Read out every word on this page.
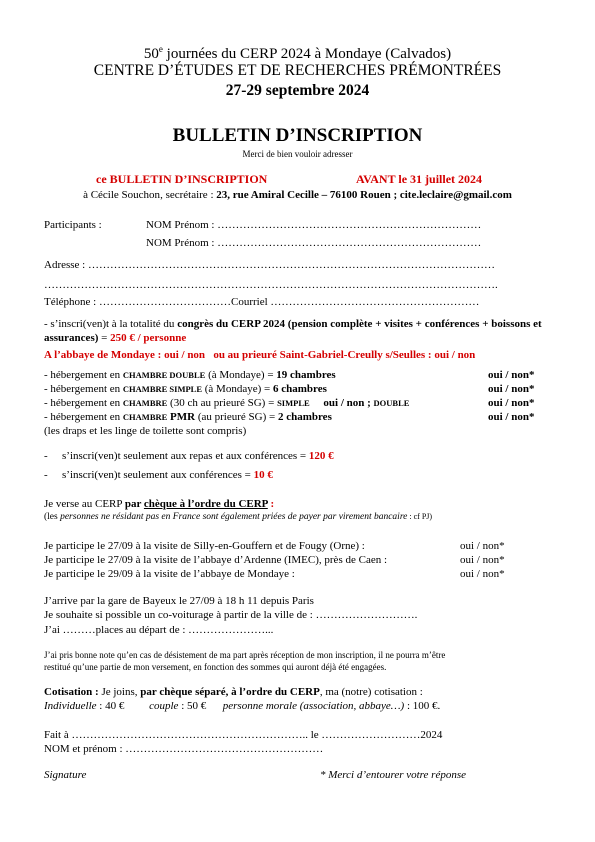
50e journées du CERP 2024 à Mondaye (Calvados)
CENTRE D’ÉTUDES ET DE RECHERCHES PRÉMONTRÉES
27-29 septembre 2024
BULLETIN D’INSCRIPTION
Merci de bien vouloir adresser
ce BULLETIN D’INSCRIPTION	AVANT le 31 juillet 2024
à Cécile Souchon, secrétaire : 23, rue Amiral Cecille – 76100 Rouen ; cite.leclaire@gmail.com
Participants :	NOM Prénom : ………………………………………………………………
NOM Prénom : ………………………………………………………………
Adresse : …………………………………………………………………………………………………
…………………………………………………………………………………………………………….
Téléphone : ………………………………Courriel …………………………………………………
- s’inscri(ven)t à la totalité du congrès du CERP 2024 (pension complète + visites + conférences + boissons et assurances) = 250 € / personne
A l’abbaye de Mondaye : oui / non ou au prieuré Saint-Gabriel-Creully s/Seulles : oui / non
- hébergement en CHAMBRE DOUBLE (à Mondaye) = 19 chambres	oui / non*
- hébergement en CHAMBRE SIMPLE (à Mondaye) = 6 chambres	oui / non*
- hébergement en CHAMBRE (30 ch au prieuré SG) = SIMPLE oui / non ; DOUBLE	oui / non*
- hébergement en CHAMBRE PMR (au prieuré SG) = 2 chambres	oui / non*
(les draps et les linge de toilette sont compris)
- s’inscri(ven)t seulement aux repas et aux conférences = 120 €
- s’inscri(ven)t seulement aux conférences = 10 €
Je verse au CERP par chèque à l’ordre du CERP :
(les personnes ne résidant pas en France sont également priées de payer par virement bancaire : cf PJ)
Je participe le 27/09 à la visite de Silly-en-Gouffern et de Fougy (Orne) :	oui / non*
Je participe le 27/09 à la visite de l’abbaye d’Ardenne (IMEC), près de Caen :	oui / non*
Je participe le 29/09 à la visite de l’abbaye de Mondaye :	oui / non*
J’arrive par la gare de Bayeux le 27/09 à 18 h 11 depuis Paris
Je souhaite si possible un co-voiturage à partir de la ville de : ……………………….
J’ai ………places au départ de : …………………...
J’ai pris bonne note qu’en cas de désistement de ma part après réception de mon inscription, il ne pourra m’être
restitué qu’une partie de mon versement, en fonction des sommes qui auront déjà été engagées.
Cotisation : Je joins, par chèque séparé, à l’ordre du CERP, ma (notre) cotisation :
Individuelle : 40 € couple : 50 € personne morale (association, abbaye…) : 100 €.
Fait à ……………………………………………………….. le ………………………2024
NOM et prénom : ………………………………………………
Signature	* Merci d’entourer votre réponse
